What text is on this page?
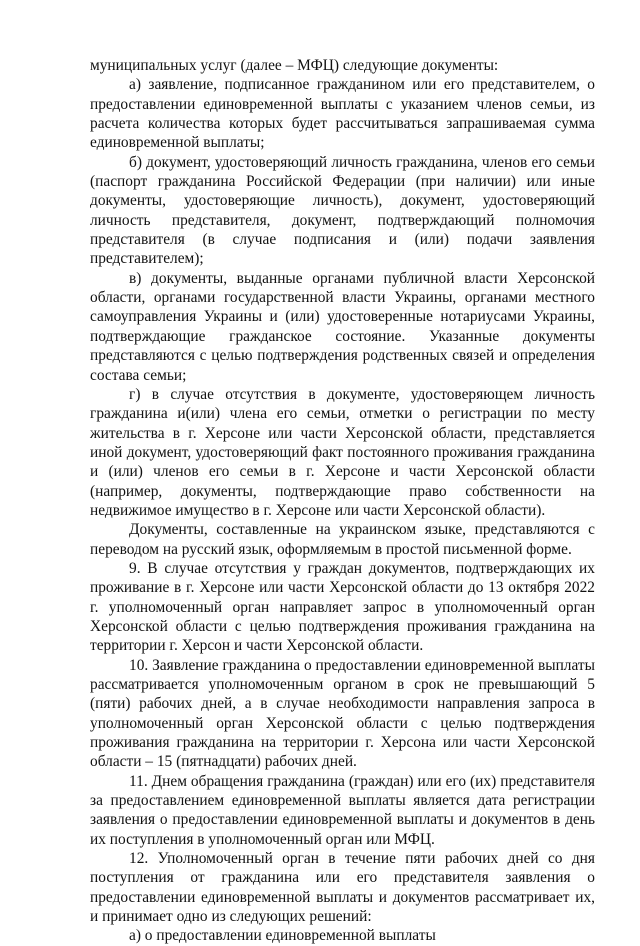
муниципальных услуг (далее – МФЦ) следующие документы:

а) заявление, подписанное гражданином или его представителем, о предоставлении единовременной выплаты с указанием членов семьи, из расчета количества которых будет рассчитываться запрашиваемая сумма единовременной выплаты;

б) документ, удостоверяющий личность гражданина, членов его семьи (паспорт гражданина Российской Федерации (при наличии) или иные документы, удостоверяющие личность), документ, удостоверяющий личность представителя, документ, подтверждающий полномочия представителя (в случае подписания и (или) подачи заявления представителем);

в) документы, выданные органами публичной власти Херсонской области, органами государственной власти Украины, органами местного самоуправления Украины и (или) удостоверенные нотариусами Украины, подтверждающие гражданское состояние. Указанные документы представляются с целью подтверждения родственных связей и определения состава семьи;

г) в случае отсутствия в документе, удостоверяющем личность гражданина и(или) члена его семьи, отметки о регистрации по месту жительства в г. Херсоне или части Херсонской области, представляется иной документ, удостоверяющий факт постоянного проживания гражданина и (или) членов его семьи в г. Херсоне и части Херсонской области (например, документы, подтверждающие право собственности на недвижимое имущество в г. Херсоне или части Херсонской области).

Документы, составленные на украинском языке, представляются с переводом на русский язык, оформляемым в простой письменной форме.

9. В случае отсутствия у граждан документов, подтверждающих их проживание в г. Херсоне или части Херсонской области до 13 октября 2022 г. уполномоченный орган направляет запрос в уполномоченный орган Херсонской области с целью подтверждения проживания гражданина на территории г. Херсон и части Херсонской области.

10. Заявление гражданина о предоставлении единовременной выплаты рассматривается уполномоченным органом в срок не превышающий 5 (пяти) рабочих дней, а в случае необходимости направления запроса в уполномоченный орган Херсонской области с целью подтверждения проживания гражданина на территории г. Херсона или части Херсонской области – 15 (пятнадцати) рабочих дней.

11. Днем обращения гражданина (граждан) или его (их) представителя за предоставлением единовременной выплаты является дата регистрации заявления о предоставлении единовременной выплаты и документов в день их поступления в уполномоченный орган или МФЦ.

12. Уполномоченный орган в течение пяти рабочих дней со дня поступления от гражданина или его представителя заявления о предоставлении единовременной выплаты и документов рассматривает их, и принимает одно из следующих решений:

а) о предоставлении единовременной выплаты
